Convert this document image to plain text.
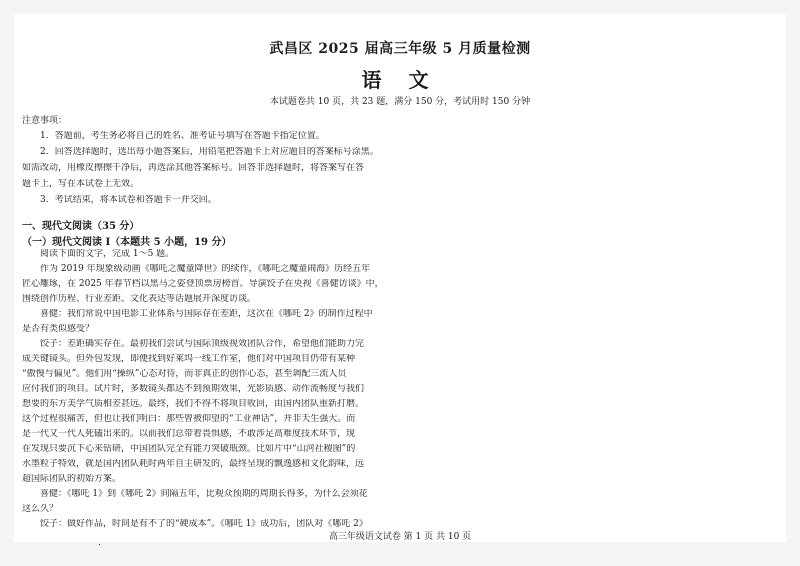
武昌区 2025 届高三年级 5 月质量检测
语 文
本试题卷共 10 页，共 23 题，满分 150 分，考试用时 150 分钟
注意事项：
1．答题前，考生务必将自己的姓名、准考证号填写在答题卡指定位置。
2．回答选择题时，选出每小题答案后，用铅笔把答题卡上对应题目的答案标号涂黑。
如需改动，用橡皮擦擦干净后，再选涂其他答案标号。回答非选择题时，将答案写在答
题卡上，写在本试卷上无效。
3．考试结束，将本试卷和答题卡一并交回。
一、现代文阅读（35 分）
（一）现代文阅读 I（本题共 5 小题，19 分）
阅读下面的文字，完成 1～5 题。
作为 2019 年现象级动画《哪吒之魔童降世》的续作，《哪吒之魔童闹海》历经五年
匠心雕琢，在 2025 年春节档以黑马之姿登顶票房榜首。导演饺子在央视《喜健访谈》中，
围绕创作历程、行业差距、文化表达等话题展开深度访谈。
喜健：我们常说中国电影工业体系与国际存在差距，这次在《哪吒 2》的制作过程中
是否有类似感受？
饺子：差距确实存在。最初我们尝试与国际顶级视效团队合作，希望他们能助力完
成关键镜头。但外包发现，即便找到好莱坞一线工作室，他们对中国项目仍带有某种
“傲慢与偏见”。他们用“操纵”心态对待，而非真正的创作心态，甚至调配三流人员
应付我们的项目。试片时，多数镜头都达不到预期效果，光影质感、动作流畅度与我们
想要的东方美学气质相差甚远。最终，我们不得不将项目收回，由国内团队重新打磨。
这个过程很痛苦，但也让我们明白：那些曾被仰望的“工业神话”，并非天生强大。而
是一代又一代人死磕出来的。以前我们总带着畏惧感，不敢涉足高难度技术环节，现
在发现只要沉下心来钻研，中国团队完全有能力突破瓶颈。比如片中“山河社稷图”的
水墨粒子特效，就是国内团队耗时两年自主研发的，最终呈现的飘逸感和文化韵味，远
超国际团队的初始方案。
喜健：《哪吒 1》到《哪吒 2》间隔五年，比观众预期的周期长得多，为什么会须花
这么久？
饺子：做好作品，时间是有不了的“硬成本”。《哪吒 1》成功后，团队对《哪吒 2》
高三年级语文试卷 第 1 页 共 10 页
.
